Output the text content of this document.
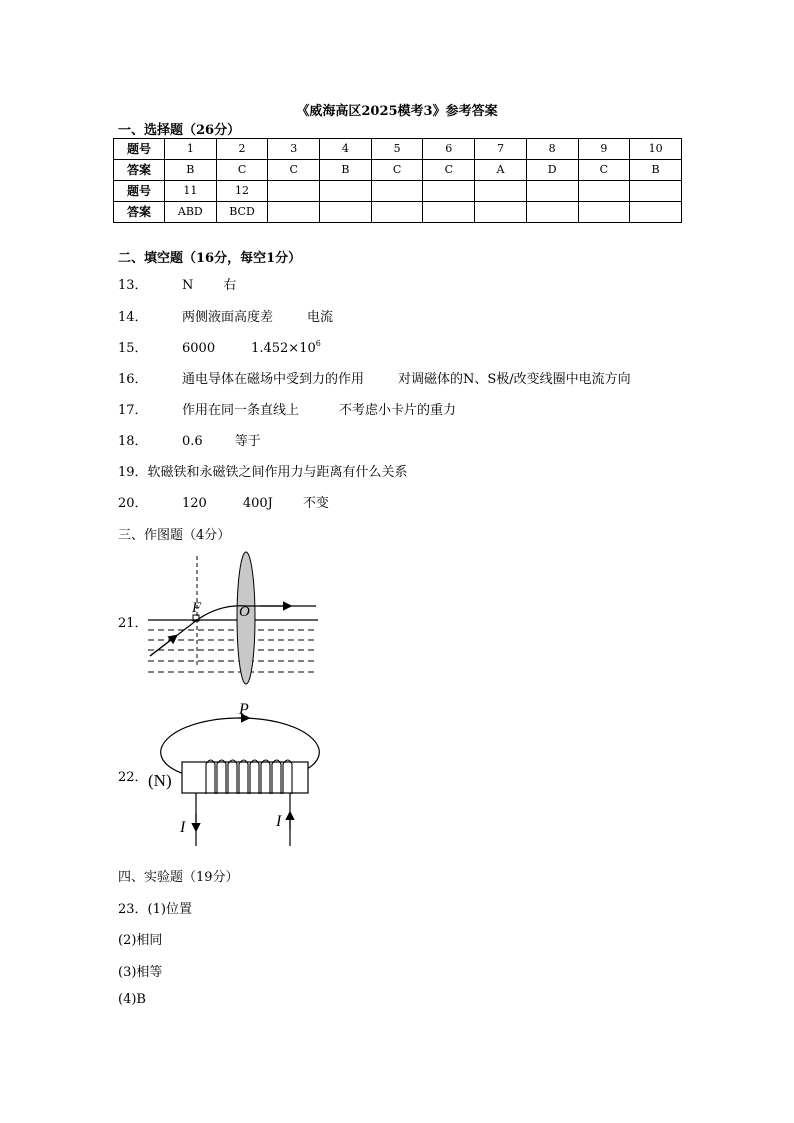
《威海高区2025模考3》参考答案
一、选择题（26分）
题号	1	2	3	4	5	6	7	8	9	10
答案	B	C	C	B	C	C	A	D	C	B
题号	11	12								
答案	ABD	BCD								
二、填空题（16分，每空1分）
13．	N 右
14．	两侧液面高度差	电流
15．	6000	$1.452\times 10^6$
16．	通电导体在磁场中受到力的作用	对调磁体的N、S极/改变线圈中电流方向
17．	作用在同一条直线上	不考虑小卡片的重力
18．	0.6 等于
19．软磁铁和永磁铁之间作用力与距离有什么关系
20．	120	400J 不变
三、作图题（4分）
21．
F	O
22． (N)
P
I	I
四、实验题（19分）
23．(1)位置
(2)相同
(3)相等
(4)B
